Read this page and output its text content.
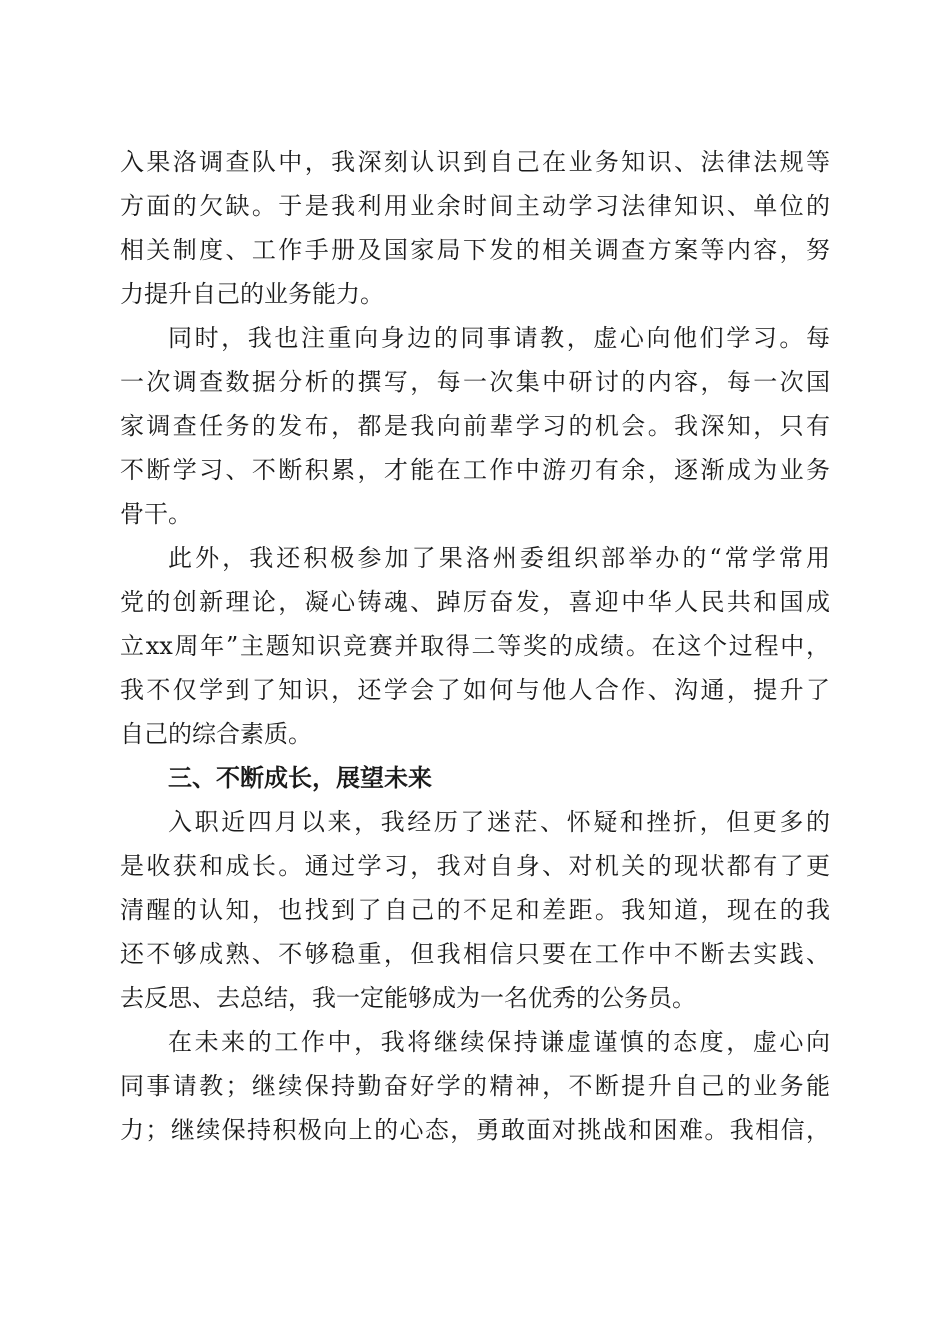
入果洛调查队中，我深刻认识到自己在业务知识、法律法规等
方面的欠缺。于是我利用业余时间主动学习法律知识、单位的
相关制度、工作手册及国家局下发的相关调查方案等内容，努
力提升自己的业务能力。
同时，我也注重向身边的同事请教，虚心向他们学习。每
一次调查数据分析的撰写，每一次集中研讨的内容，每一次国
家调查任务的发布，都是我向前辈学习的机会。我深知，只有
不断学习、不断积累，才能在工作中游刃有余，逐渐成为业务
骨干。
此外，我还积极参加了果洛州委组织部举办的“常学常用
党的创新理论，凝心铸魂、踔厉奋发，喜迎中华人民共和国成
立xx周年”主题知识竞赛并取得二等奖的成绩。在这个过程中，
我不仅学到了知识，还学会了如何与他人合作、沟通，提升了
自己的综合素质。
三、不断成长，展望未来
入职近四月以来，我经历了迷茫、怀疑和挫折，但更多的
是收获和成长。通过学习，我对自身、对机关的现状都有了更
清醒的认知，也找到了自己的不足和差距。我知道，现在的我
还不够成熟、不够稳重，但我相信只要在工作中不断去实践、
去反思、去总结，我一定能够成为一名优秀的公务员。
在未来的工作中，我将继续保持谦虚谨慎的态度，虚心向
同事请教；继续保持勤奋好学的精神，不断提升自己的业务能
力；继续保持积极向上的心态，勇敢面对挑战和困难。我相信，
